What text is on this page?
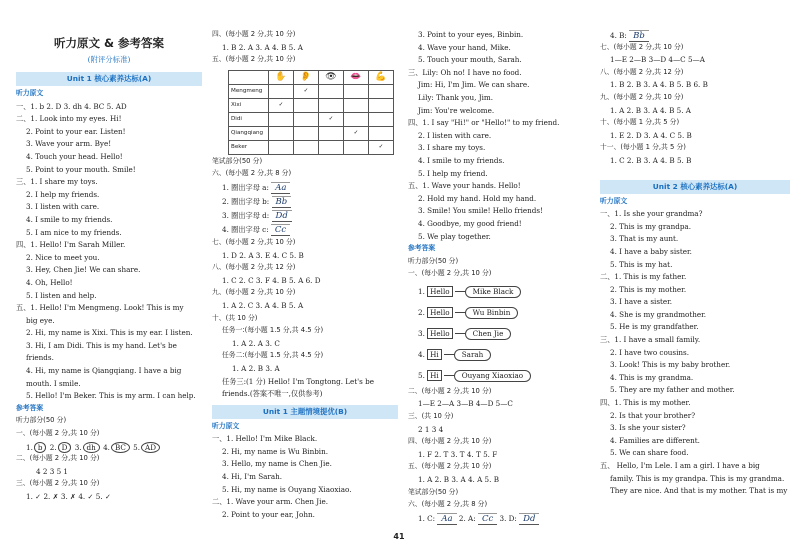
听力原文 & 参考答案
(附评分标准)
Unit 1 核心素养达标(A)
听力原文
一、1. b 2. D 3. dh 4. BC 5. AD
二、1. Look into my eyes. Hi!
2. Point to your ear. Listen!
3. Wave your arm. Bye!
4. Touch your head. Hello!
5. Point to your mouth. Smile!
三、1. I share my toys.
2. I help my friends.
3. I listen with care.
4. I smile to my friends.
5. I am nice to my friends.
四、1. Hello! I'm Sarah Miller.
2. Nice to meet you.
3. Hey, Chen Jie! We can share.
4. Oh, Hello!
5. I listen and help.
五、1. Hello! I'm Mengmeng. Look! This is my
big eye.
2. Hi, my name is Xixi. This is my ear. I listen.
3. Hi, I am Didi. This is my hand. Let's be
friends.
4. Hi, my name is Qiangqiang. I have a big
mouth. I smile.
5. Hello! I'm Beker. This is my arm. I can help.
参考答案
听力部分(50 分)
一、(每小题 2 分,共 10 分)
1. b 2. D 3. dh 4. BC 5. AD
二、(每小题 2 分,共 10 分)
4 2 3 5 1
三、(每小题 2 分,共 10 分)
1. ✓ 2. ✗ 3. ✗ 4. ✓ 5. ✓
四、(每小题 2 分,共 10 分)
1. B 2. A 3. A 4. B 5. A
五、(每小题 2 分,共 10 分)
	✋	👂	👁	👄	💪
Mengmeng		✓			
Xixi	✓				
Didi			✓		
Qiangqiang				✓	
Beker					✓
笔试部分(50 分)
六、(每小题 2 分,共 8 分)
1. 圈出字母 a: Aa
2. 圈出字母 b: Bb
3. 圈出字母 d: Dd
4. 圈出字母 c: Cc
七、(每小题 2 分,共 10 分)
1. D 2. A 3. E 4. C 5. B
八、(每小题 2 分,共 12 分)
1. C 2. C 3. F 4. B 5. A 6. D
九、(每小题 2 分,共 10 分)
1. A 2. C 3. A 4. B 5. A
十、(共 10 分)
任务一:(每小题 1.5 分,共 4.5 分)
1. A 2. A 3. C
任务二:(每小题 1.5 分,共 4.5 分)
1. A 2. B 3. A
任务三:(1 分) Hello! I'm Tongtong. Let's be
friends.(答案不唯一,仅供参考)
Unit 1 主题情境提优(B)
听力原文
一、1. Hello! I'm Mike Black.
2. Hi, my name is Wu Binbin.
3. Hello, my name is Chen Jie.
4. Hi, I'm Sarah.
5. Hi, my name is Ouyang Xiaoxiao.
二、1. Wave your arm. Chen Jie.
2. Point to your ear, John.
3. Point to your eyes, Binbin.
4. Wave your hand, Mike.
5. Touch your mouth, Sarah.
三、Lily: Oh no! I have no food.
Jim: Hi, I'm Jim. We can share.
Lily: Thank you, Jim.
Jim: You're welcome.
四、1. I say "Hi!" or "Hello!" to my friend.
2. I listen with care.
3. I share my toys.
4. I smile to my friends.
5. I help my friend.
五、1. Wave your hands. Hello!
2. Hold my hand. Hold my hand.
3. Smile! You smile! Hello friends!
4. Goodbye, my good friend!
5. We play together.
参考答案
听力部分(50 分)
一、(每小题 2 分,共 10 分)
1. Hello	Mike Black
2. Hello	Wu Binbin
3. Hello	Chen Jie
4. Hi	Sarah
5. Hi	Ouyang Xiaoxiao
二、(每小题 2 分,共 10 分)
1—E 2—A 3—B 4—D 5—C
三、(共 10 分)
2 1 3 4
四、(每小题 2 分,共 10 分)
1. F 2. T 3. T 4. T 5. F
五、(每小题 2 分,共 10 分)
1. A 2. B 3. A 4. A 5. B
笔试部分(50 分)
六、(每小题 2 分,共 8 分)
1. C: Aa 2. A: Cc 3. D: Dd
4. B: Bb
七、(每小题 2 分,共 10 分)
1—E 2—B 3—D 4—C 5—A
八、(每小题 2 分,共 12 分)
1. B 2. B 3. A 4. B 5. B 6. B
九、(每小题 2 分,共 10 分)
1. A 2. B 3. A 4. B 5. A
十、(每小题 1 分,共 5 分)
1. E 2. D 3. A 4. C 5. B
十一、(每小题 1 分,共 5 分)
1. C 2. B 3. A 4. B 5. B
Unit 2 核心素养达标(A)
听力原文
一、1. Is she your grandma?
2. This is my grandpa.
3. That is my aunt.
4. I have a baby sister.
5. This is my hat.
二、1. This is my father.
2. This is my mother.
3. I have a sister.
4. She is my grandmother.
5. He is my grandfather.
三、1. I have a small family.
2. I have two cousins.
3. Look! This is my baby brother.
4. This is my grandma.
5. They are my father and mother.
四、1. This is my mother.
2. Is that your brother?
3. Is she your sister?
4. Families are different.
5. We can share food.
五、 Hello, I'm Lele. I am a girl. I have a big
family. This is my grandpa. This is my grandma.
They are nice. And that is my mother. That is my
41
